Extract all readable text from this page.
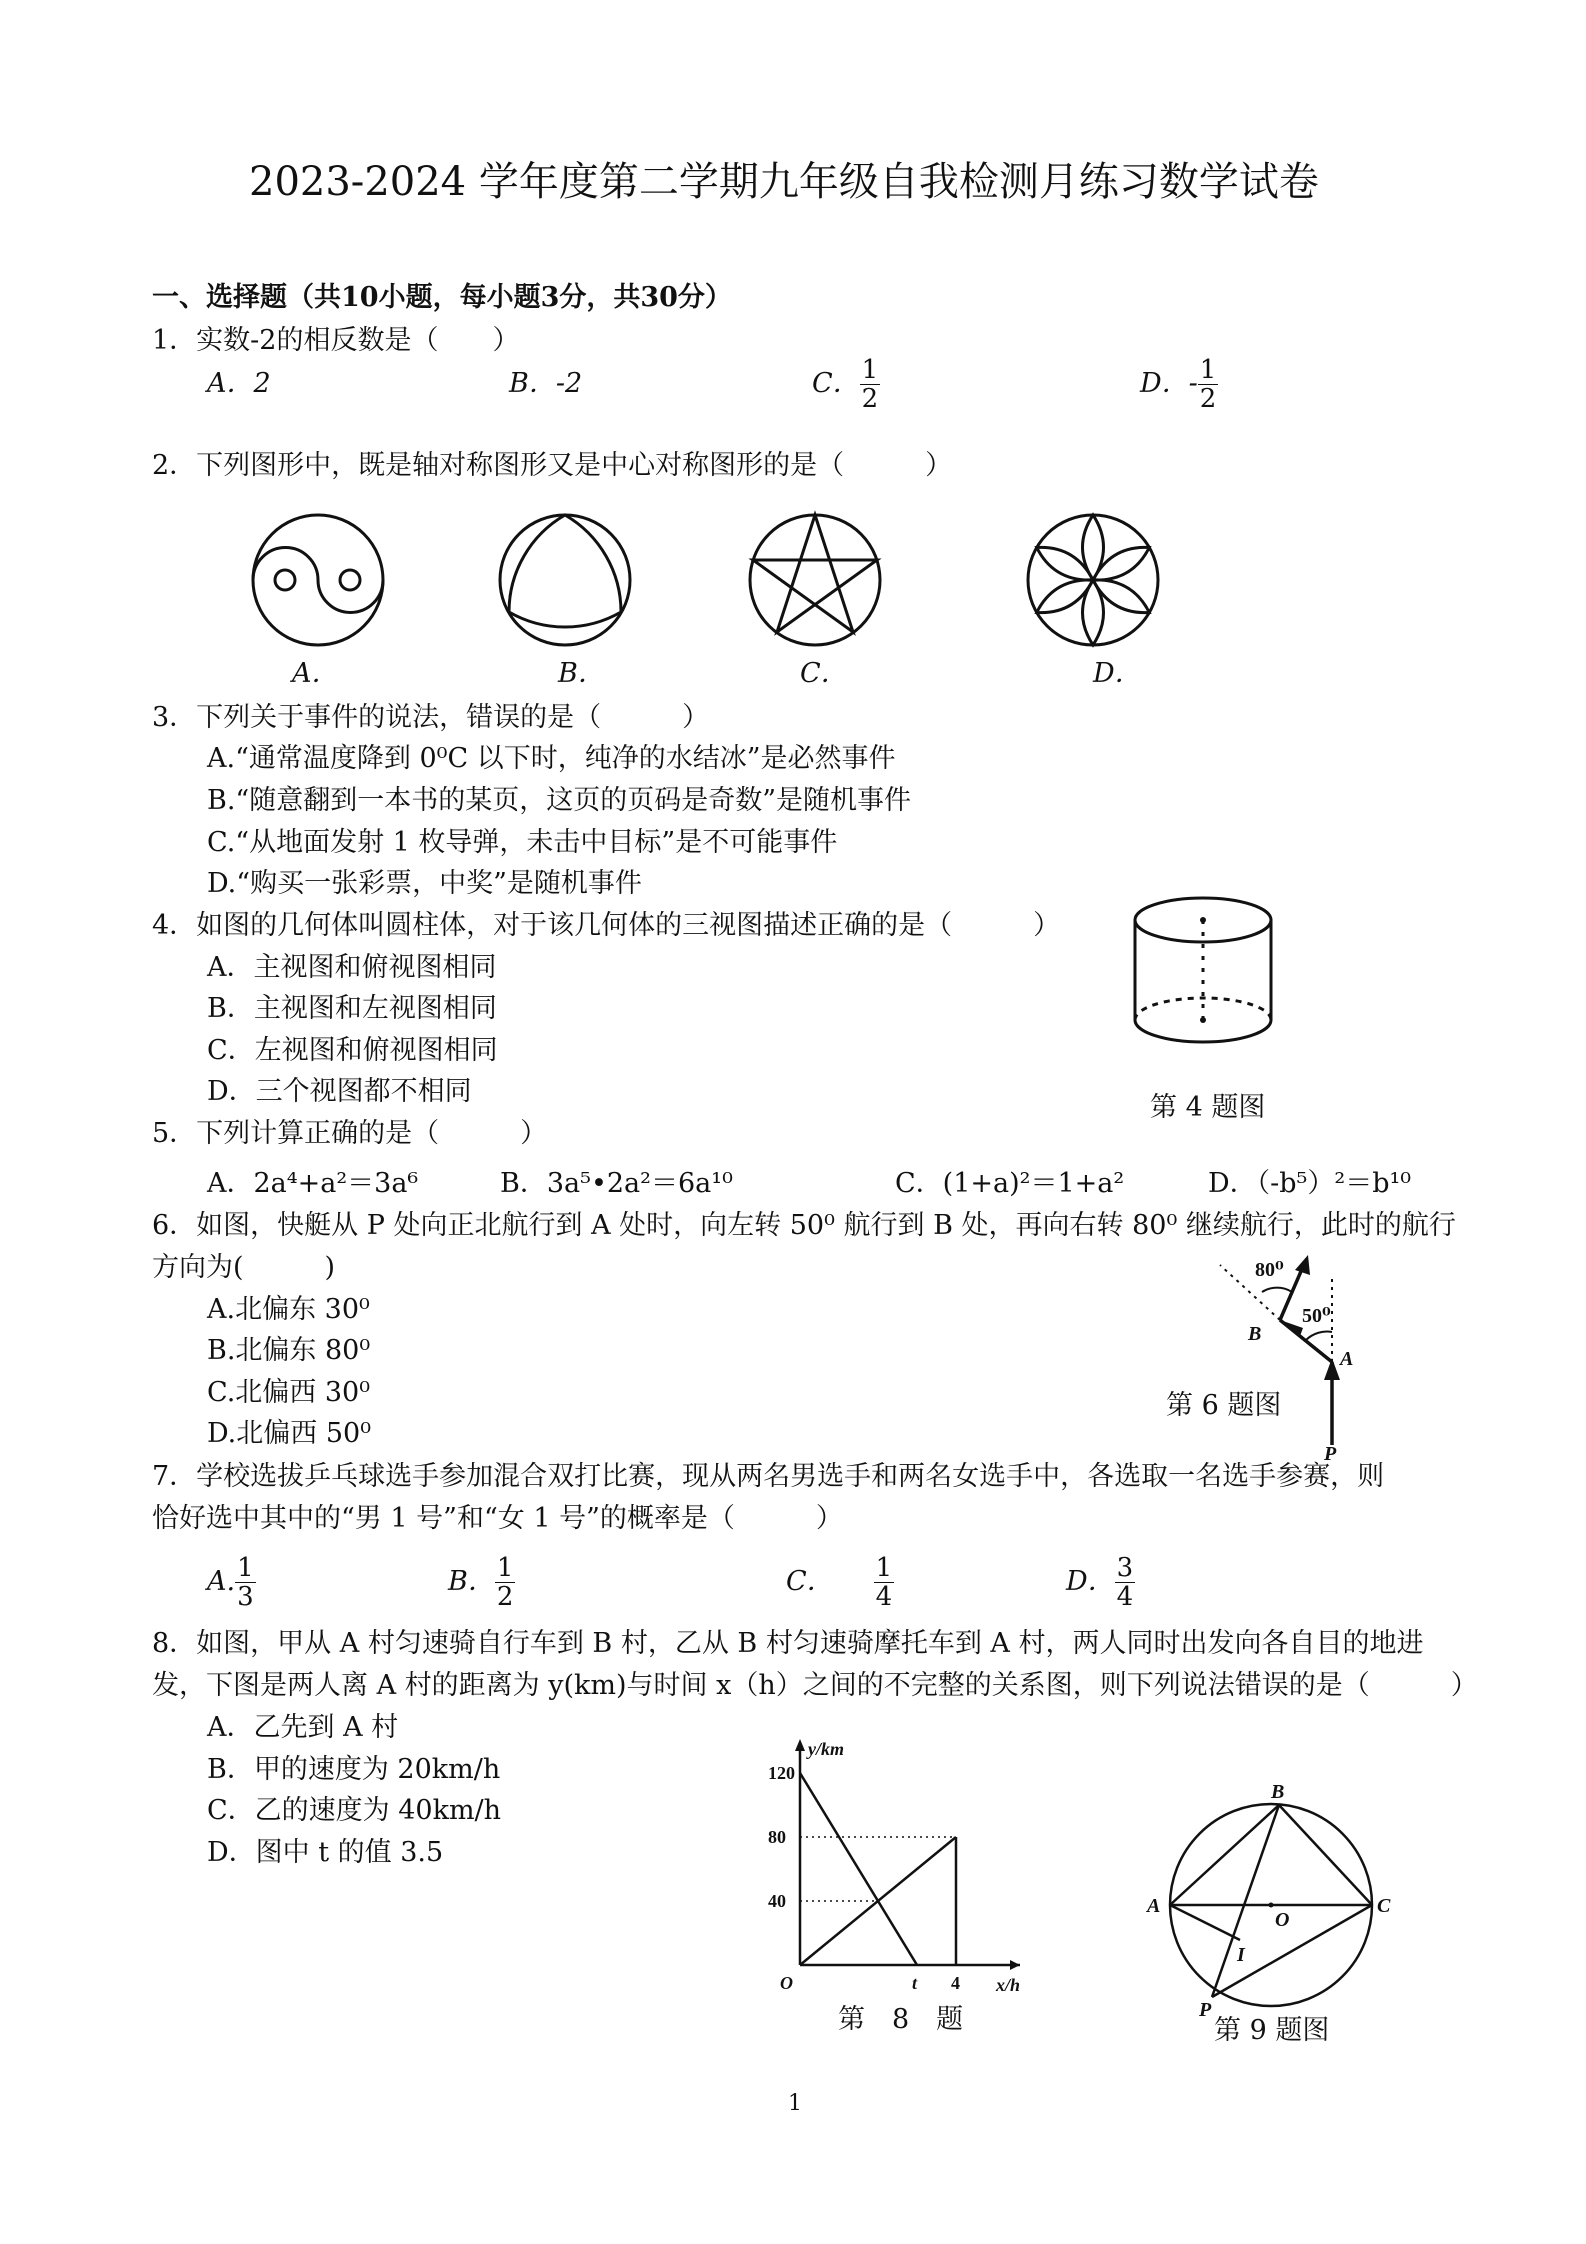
2023-2024 学年度第二学期九年级自我检测月练习数学试卷
一、选择题（共10小题，每小题3分，共30分）
1．实数-2的相反数是（　　）
A．2	B．-2	C． $\frac{1}{2}$	D．- $\frac{1}{2}$
2．下列图形中，既是轴对称图形又是中心对称图形的是（　　　）
A．	B．	C．	D．
3．下列关于事件的说法，错误的是（　　　）
A.“通常温度降到 0⁰C 以下时，纯净的水结冰”是必然事件
B.“随意翻到一本书的某页，这页的页码是奇数”是随机事件
C.“从地面发射 1 枚导弹，未击中目标”是不可能事件
D.“购买一张彩票，中奖”是随机事件
4．如图的几何体叫圆柱体，对于该几何体的三视图描述正确的是（　　　）
A．主视图和俯视图相同
B．主视图和左视图相同
C．左视图和俯视图相同
D．三个视图都不相同
第 4 题图
5．下列计算正确的是（　　　）
A．2a⁴+a²＝3a⁶	B．3a⁵•2a²＝6a¹⁰	C．(1+a)²＝1+a²	D．（-b⁵）²＝b¹⁰
6．如图，快艇从 P 处向正北航行到 A 处时，向左转 50⁰ 航行到 B 处，再向右转 80⁰ 继续航行，此时的航行
方向为(　　　)
A.北偏东 30⁰
B.北偏东 80⁰
C.北偏西 30⁰
D.北偏西 50⁰
80⁰
50⁰
B
A
P
第 6 题图
7．学校选拔乒乓球选手参加混合双打比赛，现从两名男选手和两名女选手中，各选取一名选手参赛，则
恰好选中其中的“男 1 号”和“女 1 号”的概率是（　　　）
A. $\frac{1}{3}$	B． $\frac{1}{2}$	C． $\frac{1}{4}$	D． $\frac{3}{4}$
8．如图，甲从 A 村匀速骑自行车到 B 村，乙从 B 村匀速骑摩托车到 A 村，两人同时出发向各自目的地进
发，下图是两人离 A 村的距离为 y(km)与时间 x（h）之间的不完整的关系图，则下列说法错误的是（　　　）
A．乙先到 A 村
B．甲的速度为 20km/h
C．乙的速度为 40km/h
D．图中 t 的值 3.5
y/km
x/h
O
120
80
40
t 4
第　8　题
B
A	C
O
I
P
第 9 题图
1
